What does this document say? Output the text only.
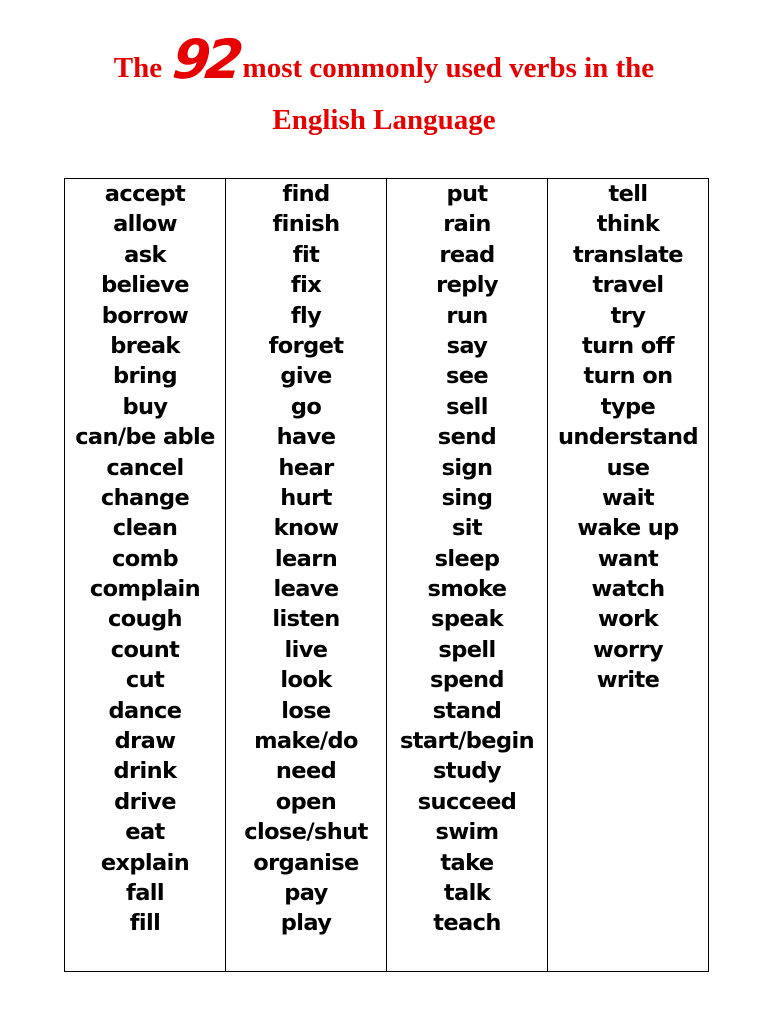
The 92most commonly used verbs in the
English Language
accept
allow
ask
believe
borrow
break
bring
buy
can/be able
cancel
change
clean
comb
complain
cough
count
cut
dance
draw
drink
drive
eat
explain
fall
fill

find
finish
fit
fix
fly
forget
give
go
have
hear
hurt
know
learn
leave
listen
live
look
lose
make/do
need
open
close/shut
organise
pay
play

put
rain
read
reply
run
say
see
sell
send
sign
sing
sit
sleep
smoke
speak
spell
spend
stand
start/begin
study
succeed
swim
take
talk
teach

tell
think
translate
travel
try
turn off
turn on
type
understand
use
wait
wake up
want
watch
work
worry
write
